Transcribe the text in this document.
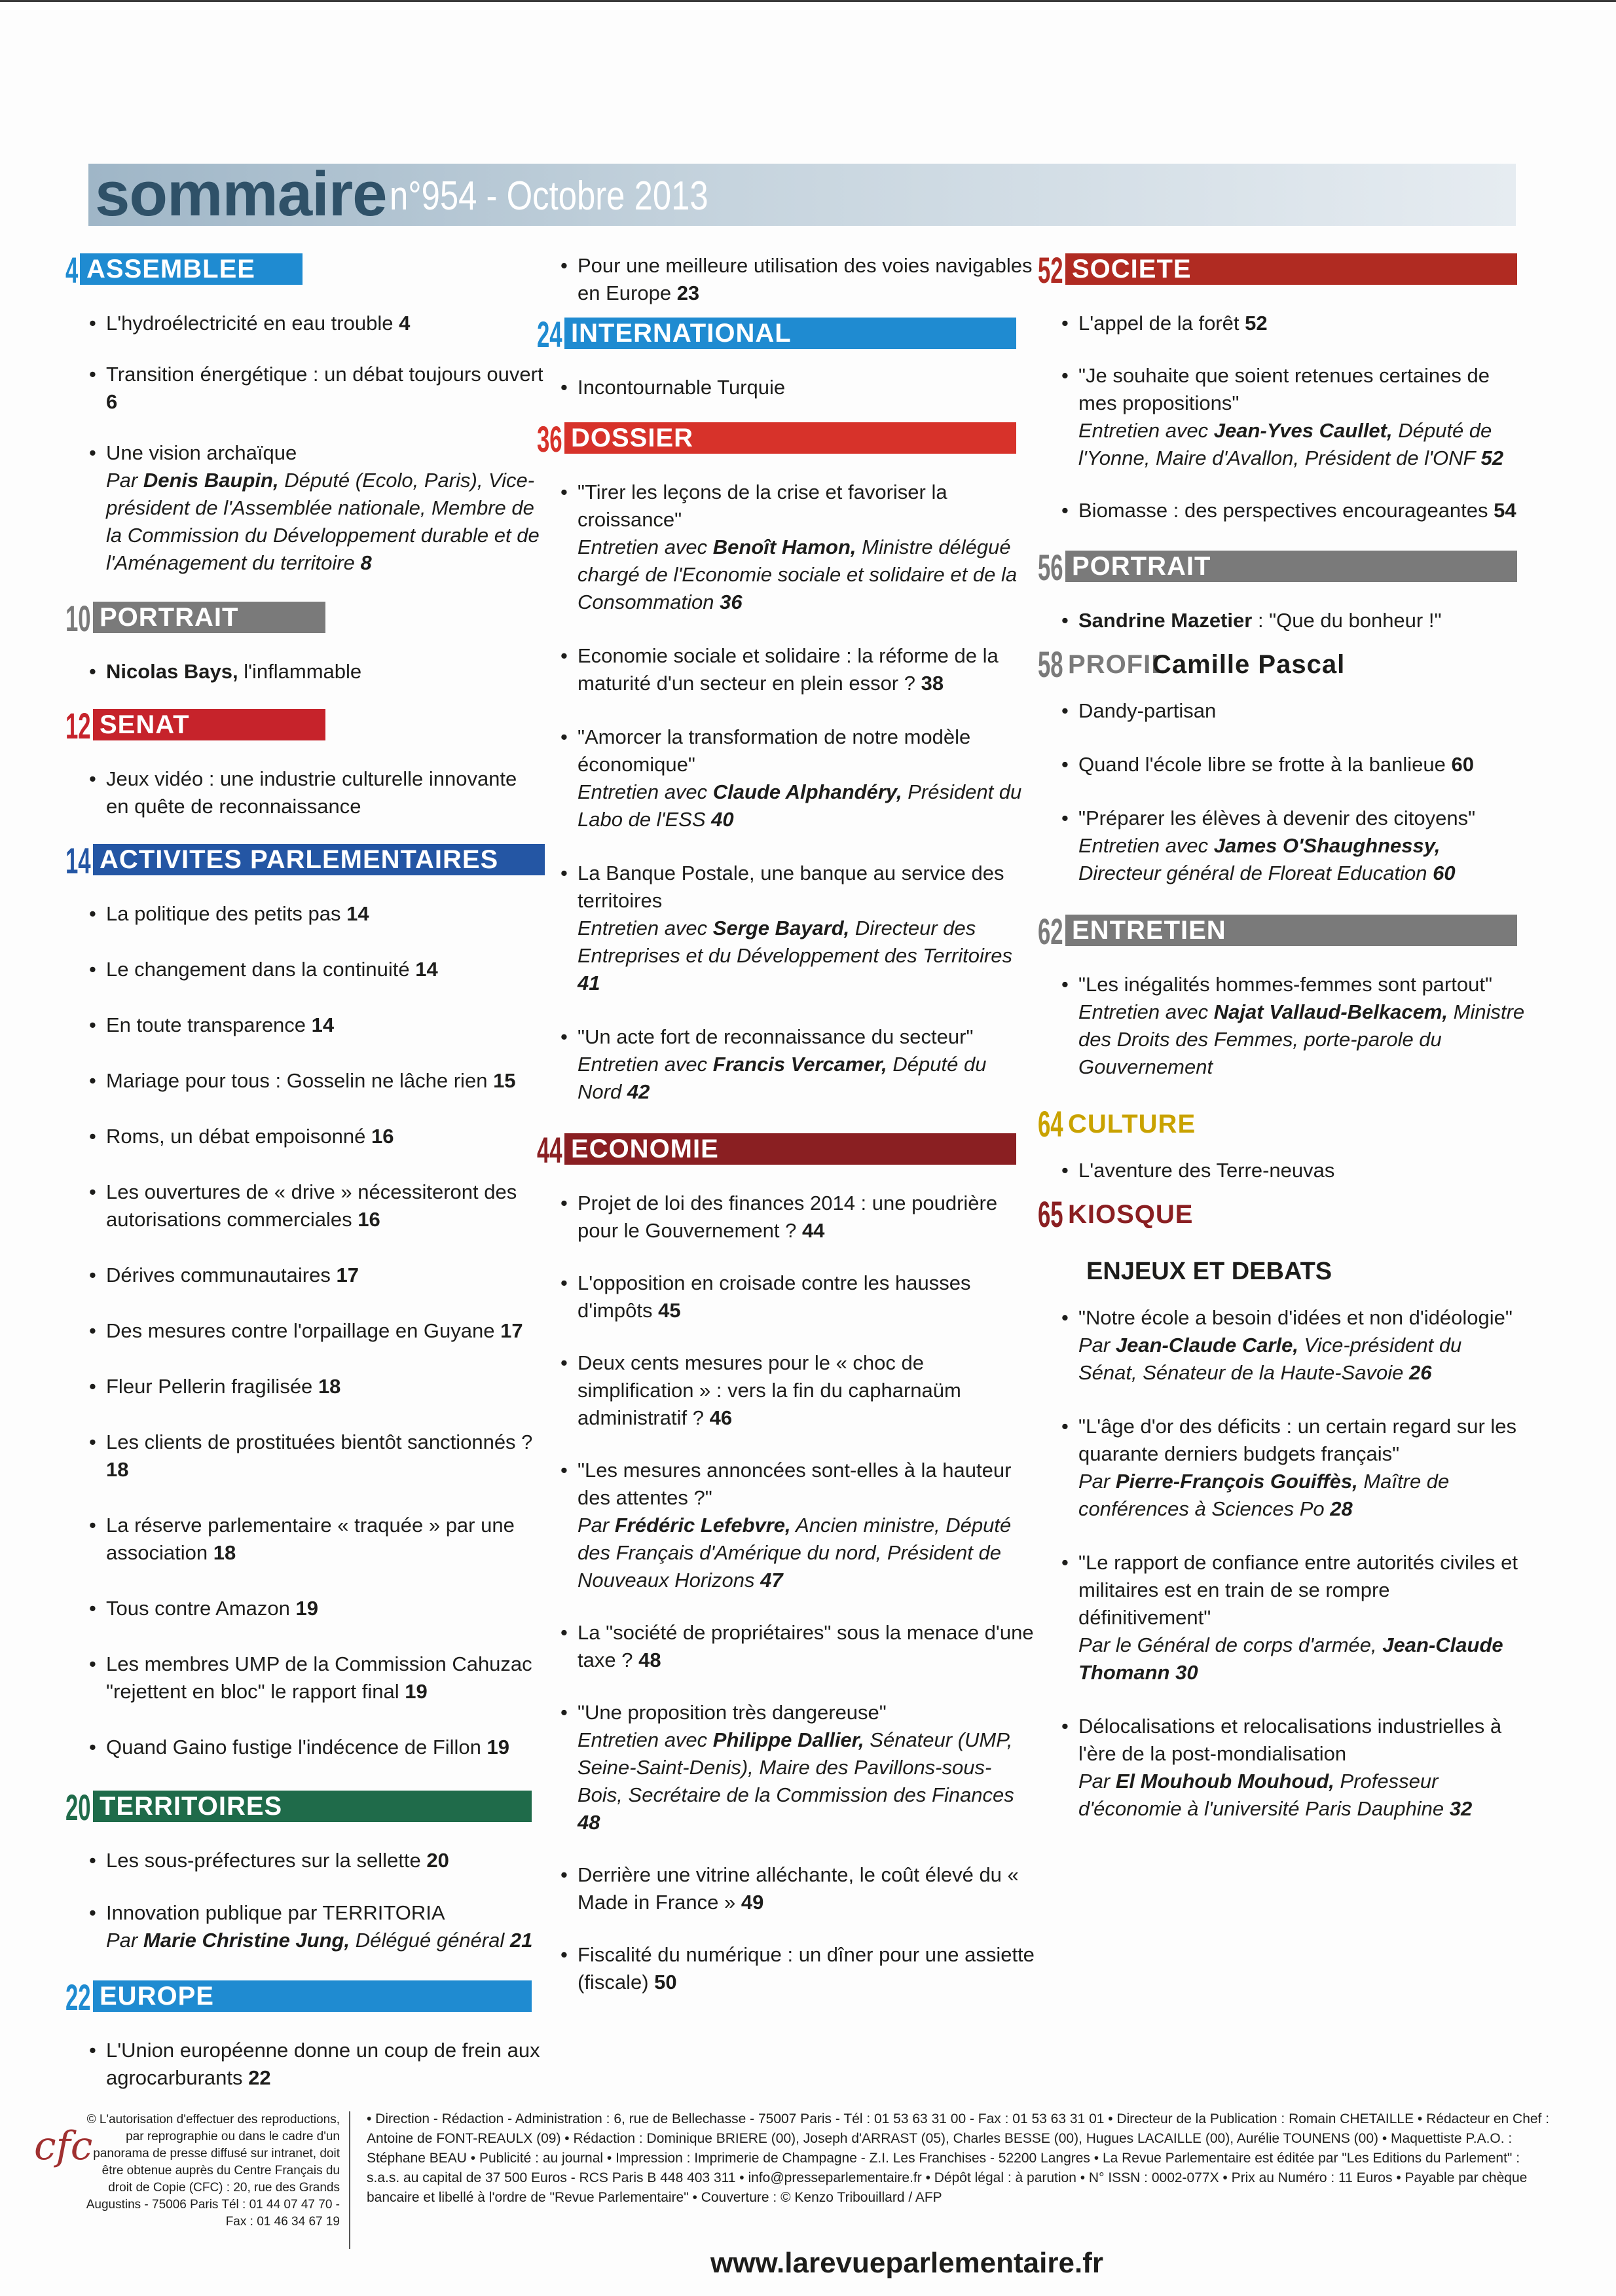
sommaire n°954 - Octobre 2013
4 ASSEMBLEE
• L'hydroélectricité en eau trouble 4
• Transition énergétique : un débat toujours ouvert 6
• Une vision archaïque
Par Denis Baupin, Député (Ecolo, Paris), Vice-président de l'Assemblée nationale, Membre de la Commission du Développement durable et de l'Aménagement du territoire 8
10 PORTRAIT
• Nicolas Bays, l'inflammable
12 SENAT
• Jeux vidéo : une industrie culturelle innovante en quête de reconnaissance
14 ACTIVITES PARLEMENTAIRES
• La politique des petits pas 14
• Le changement dans la continuité 14
• En toute transparence 14
• Mariage pour tous : Gosselin ne lâche rien 15
• Roms, un débat empoisonné 16
• Les ouvertures de « drive » nécessiteront des autorisations commerciales 16
• Dérives communautaires 17
• Des mesures contre l'orpaillage en Guyane 17
• Fleur Pellerin fragilisée 18
• Les clients de prostituées bientôt sanctionnés ? 18
• La réserve parlementaire « traquée » par une association 18
• Tous contre Amazon 19
• Les membres UMP de la Commission Cahuzac "rejettent en bloc" le rapport final 19
• Quand Gaino fustige l'indécence de Fillon 19
20 TERRITOIRES
• Les sous-préfectures sur la sellette 20
• Innovation publique par TERRITORIA
Par Marie Christine Jung, Délégué général 21
22 EUROPE
• L'Union européenne donne un coup de frein aux agrocarburants 22
• Pour une meilleure utilisation des voies navigables en Europe 23
24 INTERNATIONAL
• Incontournable Turquie
36 DOSSIER
• "Tirer les leçons de la crise et favoriser la croissance"
Entretien avec Benoît Hamon, Ministre délégué chargé de l'Economie sociale et solidaire et de la Consommation 36
• Economie sociale et solidaire : la réforme de la maturité d'un secteur en plein essor ? 38
• "Amorcer la transformation de notre modèle économique"
Entretien avec Claude Alphandéry, Président du Labo de l'ESS 40
• La Banque Postale, une banque au service des territoires
Entretien avec Serge Bayard, Directeur des Entreprises et du Développement des Territoires 41
• "Un acte fort de reconnaissance du secteur"
Entretien avec Francis Vercamer, Député du Nord 42
44 ECONOMIE
• Projet de loi des finances 2014 : une poudrière pour le Gouvernement ? 44
• L'opposition en croisade contre les hausses d'impôts 45
• Deux cents mesures pour le « choc de simplification » : vers la fin du capharnaüm administratif ? 46
• "Les mesures annoncées sont-elles à la hauteur des attentes ?"
Par Frédéric Lefebvre, Ancien ministre, Député des Français d'Amérique du nord, Président de Nouveaux Horizons 47
• La "société de propriétaires" sous la menace d'une taxe ? 48
• "Une proposition très dangereuse"
Entretien avec Philippe Dallier, Sénateur (UMP, Seine-Saint-Denis), Maire des Pavillons-sous-Bois, Secrétaire de la Commission des Finances 48
• Derrière une vitrine alléchante, le coût élevé du « Made in France » 49
• Fiscalité du numérique : un dîner pour une assiette (fiscale) 50
52 SOCIETE
• L'appel de la forêt 52
• "Je souhaite que soient retenues certaines de mes propositions"
Entretien avec Jean-Yves Caullet, Député de l'Yonne, Maire d'Avallon, Président de l'ONF 52
• Biomasse : des perspectives encourageantes 54
56 PORTRAIT
• Sandrine Mazetier : "Que du bonheur !"
58 PROFIL
Camille Pascal
• Dandy-partisan
• Quand l'école libre se frotte à la banlieue 60
• "Préparer les élèves à devenir des citoyens"
Entretien avec James O'Shaughnessy, Directeur général de Floreat Education 60
62 ENTRETIEN
• "Les inégalités hommes-femmes sont partout"
Entretien avec Najat Vallaud-Belkacem, Ministre des Droits des Femmes, porte-parole du Gouvernement
64 CULTURE
• L'aventure des Terre-neuvas
65 KIOSQUE
ENJEUX ET DEBATS
• "Notre école a besoin d'idées et non d'idéologie"
Par Jean-Claude Carle, Vice-président du Sénat, Sénateur de la Haute-Savoie 26
• "L'âge d'or des déficits : un certain regard sur les quarante derniers budgets français"
Par Pierre-François Gouiffès, Maître de conférences à Sciences Po 28
• "Le rapport de confiance entre autorités civiles et militaires est en train de se rompre définitivement"
Par le Général de corps d'armée, Jean-Claude Thomann 30
• Délocalisations et relocalisations industrielles à l'ère de la post-mondialisation
Par El Mouhoub Mouhoud, Professeur d'économie à l'université Paris Dauphine 32
cfc
© L'autorisation d'effectuer des reproductions, par reprographie ou dans le cadre d'un panorama de presse diffusé sur intranet, doit être obtenue auprès du Centre Français du droit de Copie (CFC) : 20, rue des Grands Augustins - 75006 Paris Tél : 01 44 07 47 70 - Fax : 01 46 34 67 19
• Direction - Rédaction - Administration : 6, rue de Bellechasse - 75007 Paris - Tél : 01 53 63 31 00 - Fax : 01 53 63 31 01 • Directeur de la Publication : Romain CHETAILLE • Rédacteur en Chef : Antoine de FONT-REAULX (09) • Rédaction : Dominique BRIERE (00), Joseph d'ARRAST (05), Charles BESSE (00), Hugues LACAILLE (00), Aurélie TOUNENS (00) • Maquettiste P.A.O. : Stéphane BEAU • Publicité : au journal • Impression : Imprimerie de Champagne - Z.I. Les Franchises - 52200 Langres • La Revue Parlementaire est éditée par "Les Editions du Parlement" : s.a.s. au capital de 37 500 Euros - RCS Paris B 448 403 311 • info@presseparlementaire.fr • Dépôt légal : à parution • N° ISSN : 0002-077X • Prix au Numéro : 11 Euros • Payable par chèque bancaire et libellé à l'ordre de "Revue Parlementaire" • Couverture : © Kenzo Tribouillard / AFP
www.larevueparlementaire.fr
